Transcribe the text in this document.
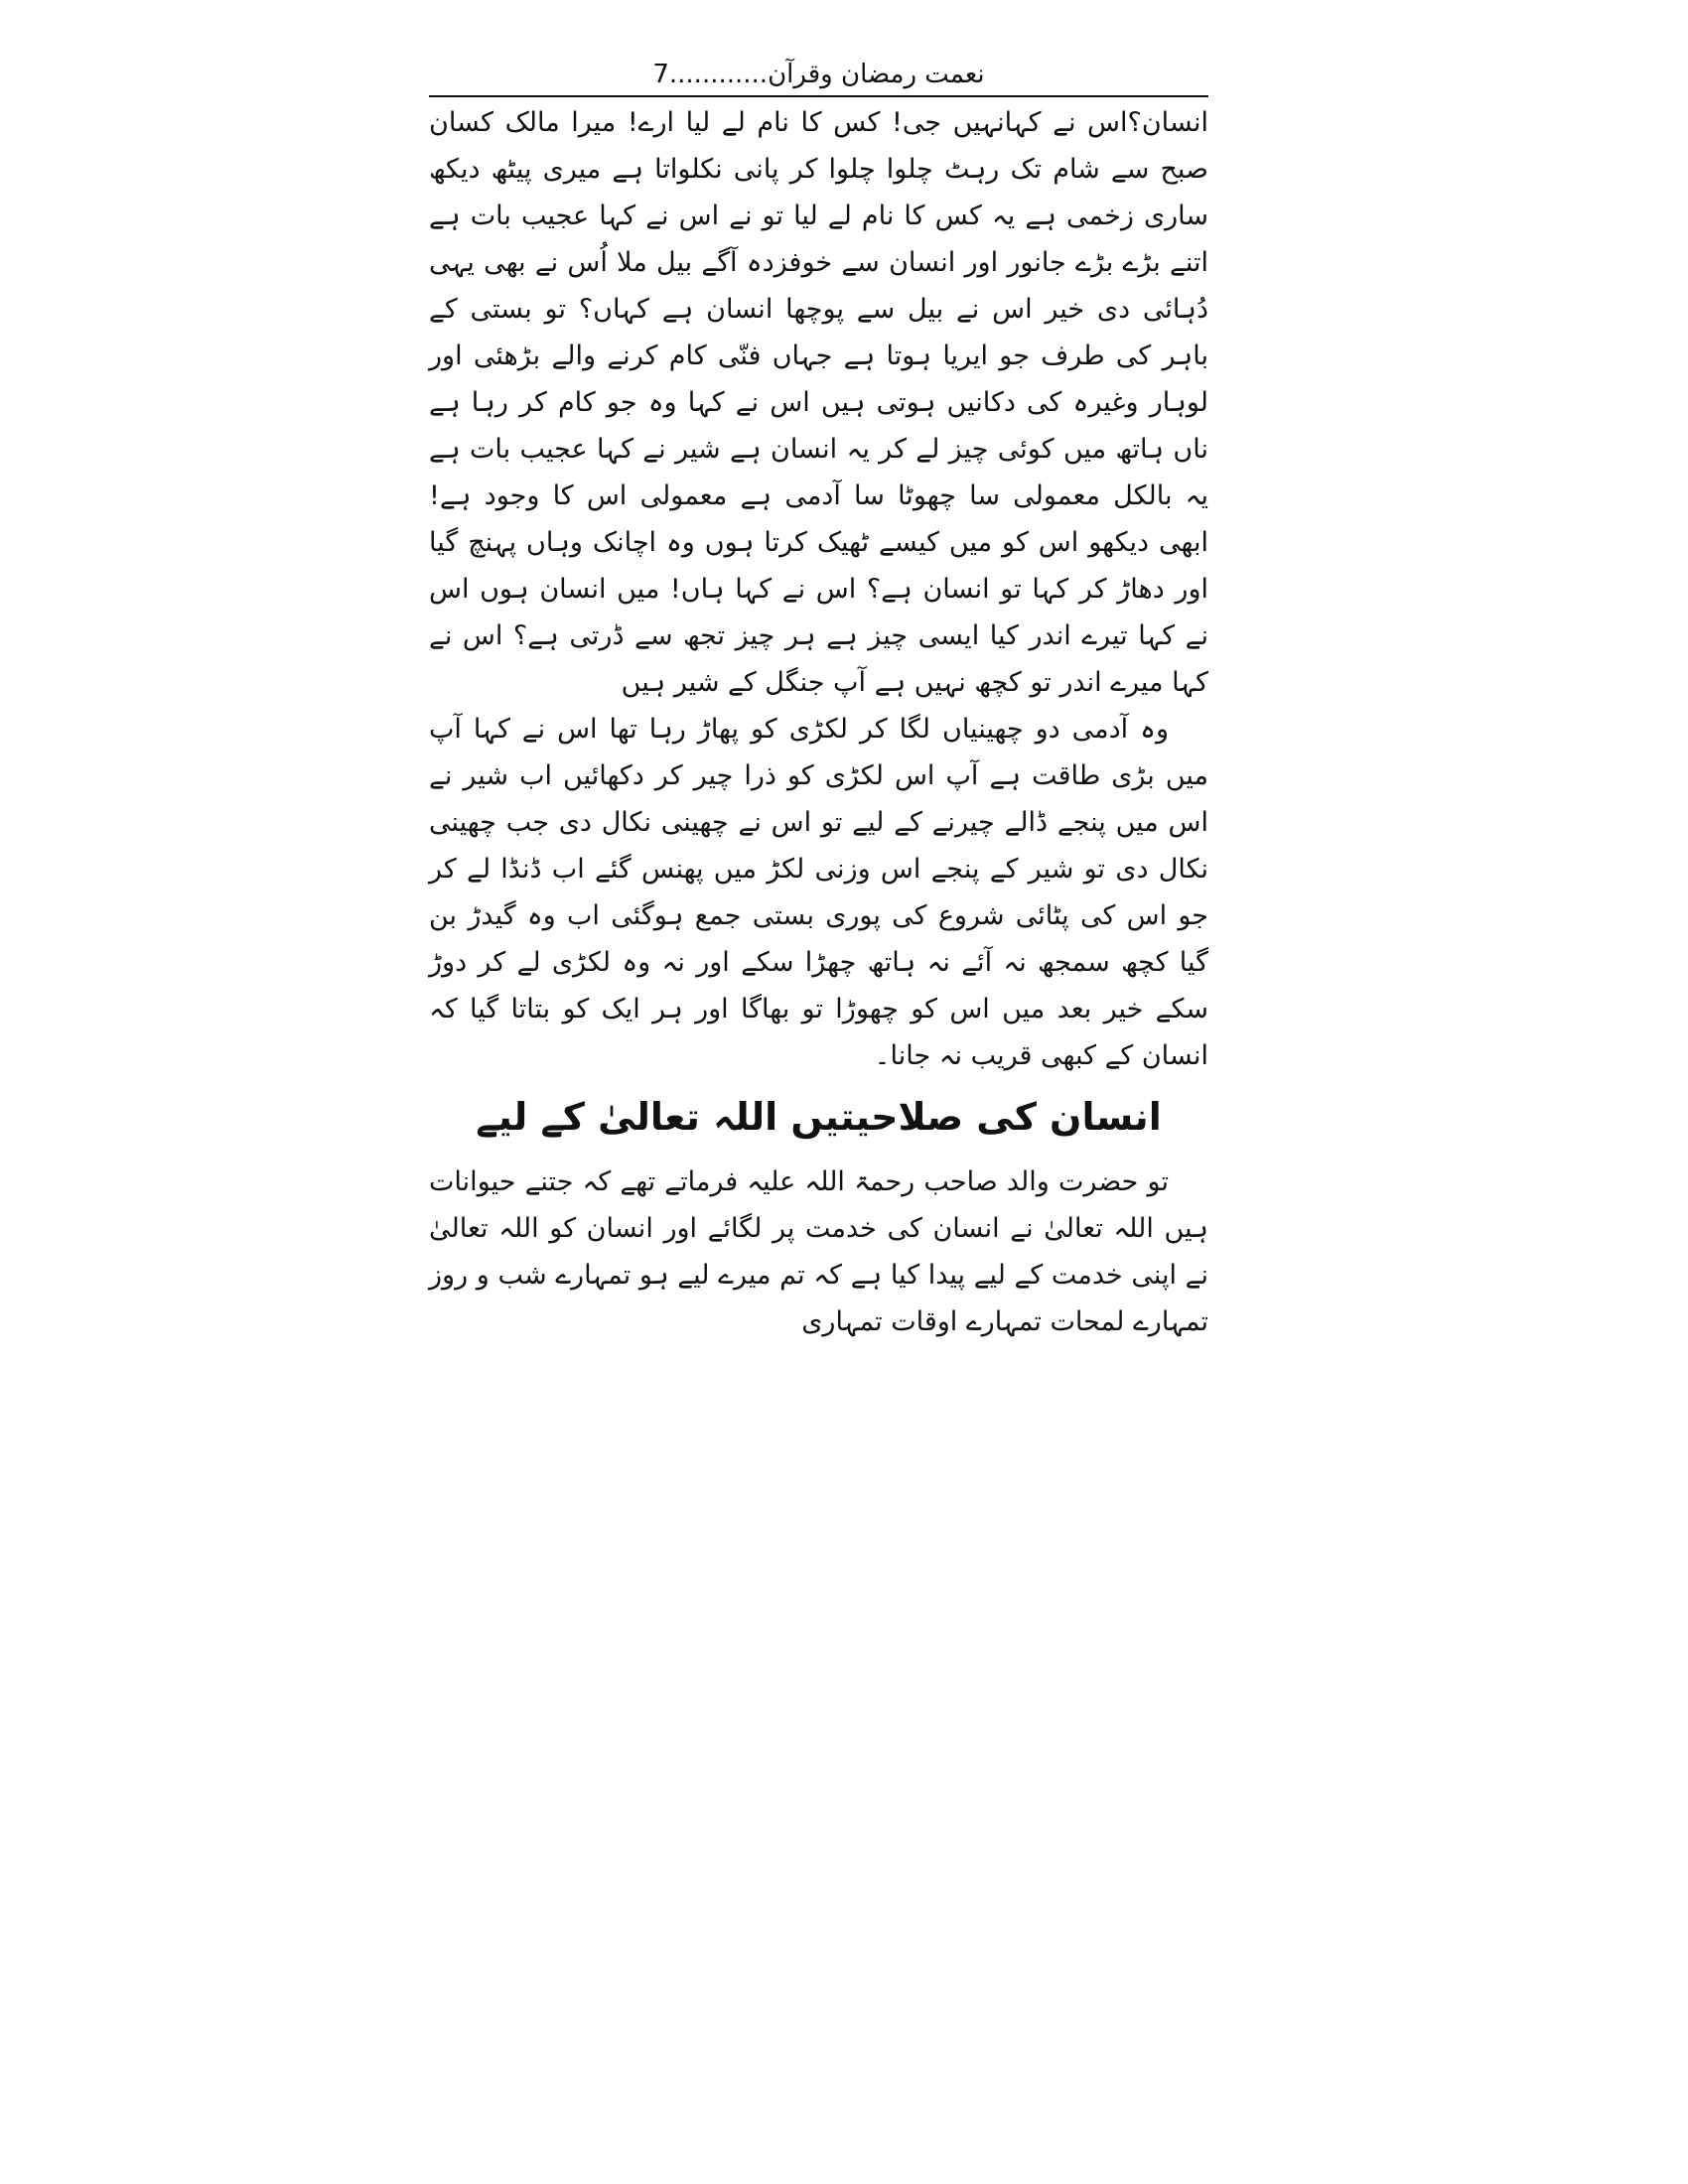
نعمت رمضان وقرآن............7

انسان؟اس نے کہانہیں جی! کس کا نام لے لیا ارے! میرا مالک کسان صبح سے شام تک رہٹ چلوا چلوا کر پانی نکلواتا ہے میری پیٹھ دیکھ ساری زخمی ہے یہ کس کا نام لے لیا تو نے اس نے کہا عجیب بات ہے اتنے بڑے بڑے جانور اور انسان سے خوفزدہ آگے بیل ملا اُس نے بھی یہی دُہائی دی خیر اس نے بیل سے پوچھا انسان ہے کہاں؟ تو بستی کے باہر کی طرف جو ایریا ہوتا ہے جہاں فنّی کام کرنے والے بڑھئی اور لوہار وغیرہ کی دکانیں ہوتی ہیں اس نے کہا وہ جو کام کر رہا ہے ناں ہاتھ میں کوئی چیز لے کر یہ انسان ہے شیر نے کہا عجیب بات ہے یہ بالکل معمولی سا چھوٹا سا آدمی ہے معمولی اس کا وجود ہے! ابھی دیکھو اس کو میں کیسے ٹھیک کرتا ہوں وہ اچانک وہاں پہنچ گیا اور دھاڑ کر کہا تو انسان ہے؟ اس نے کہا ہاں! میں انسان ہوں اس نے کہا تیرے اندر کیا ایسی چیز ہے ہر چیز تجھ سے ڈرتی ہے؟ اس نے کہا میرے اندر تو کچھ نہیں ہے آپ جنگل کے شیر ہیں

وہ آدمی دو چھینیاں لگا کر لکڑی کو پھاڑ رہا تھا اس نے کہا آپ میں بڑی طاقت ہے آپ اس لکڑی کو ذرا چیر کر دکھائیں اب شیر نے اس میں پنجے ڈالے چیرنے کے لیے تو اس نے چھینی نکال دی جب چھینی نکال دی تو شیر کے پنجے اس وزنی لکڑ میں پھنس گئے اب ڈنڈا لے کر جو اس کی پٹائی شروع کی پوری بستی جمع ہوگئی اب وہ گیدڑ بن گیا کچھ سمجھ نہ آئے نہ ہاتھ چھڑا سکے اور نہ وہ لکڑی لے کر دوڑ سکے خیر بعد میں اس کو چھوڑا تو بھاگا اور ہر ایک کو بتاتا گیا کہ انسان کے کبھی قریب نہ جانا۔

انسان کی صلاحیتیں اللہ تعالیٰ کے لیے

تو حضرت والد صاحب رحمۃ اللہ علیہ فرماتے تھے کہ جتنے حیوانات ہیں اللہ تعالیٰ نے انسان کی خدمت پر لگائے اور انسان کو اللہ تعالیٰ نے اپنی خدمت کے لیے پیدا کیا ہے کہ تم میرے لیے ہو تمہارے شب و روز تمہارے لمحات تمہارے اوقات تمہاری
